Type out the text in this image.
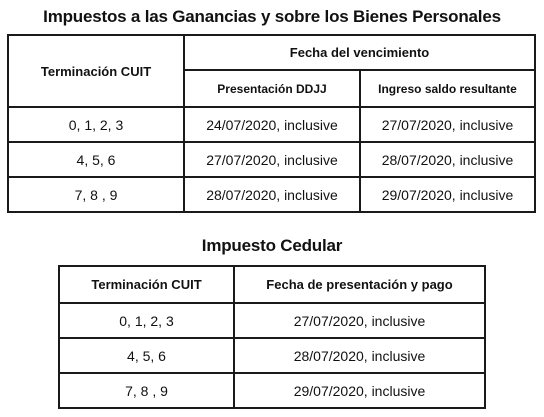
Impuestos a las Ganancias y sobre los Bienes Personales
Terminación CUIT	Fecha del vencimiento	
	Presentación DDJJ	Ingreso saldo resultante
0, 1, 2, 3	24/07/2020, inclusive	27/07/2020, inclusive
4, 5, 6	27/07/2020, inclusive	28/07/2020, inclusive
7, 8 , 9	28/07/2020, inclusive	29/07/2020, inclusive
Impuesto Cedular
Terminación CUIT	Fecha de presentación y pago
0, 1, 2, 3	27/07/2020, inclusive
4, 5, 6	28/07/2020, inclusive
7, 8 , 9	29/07/2020, inclusive
